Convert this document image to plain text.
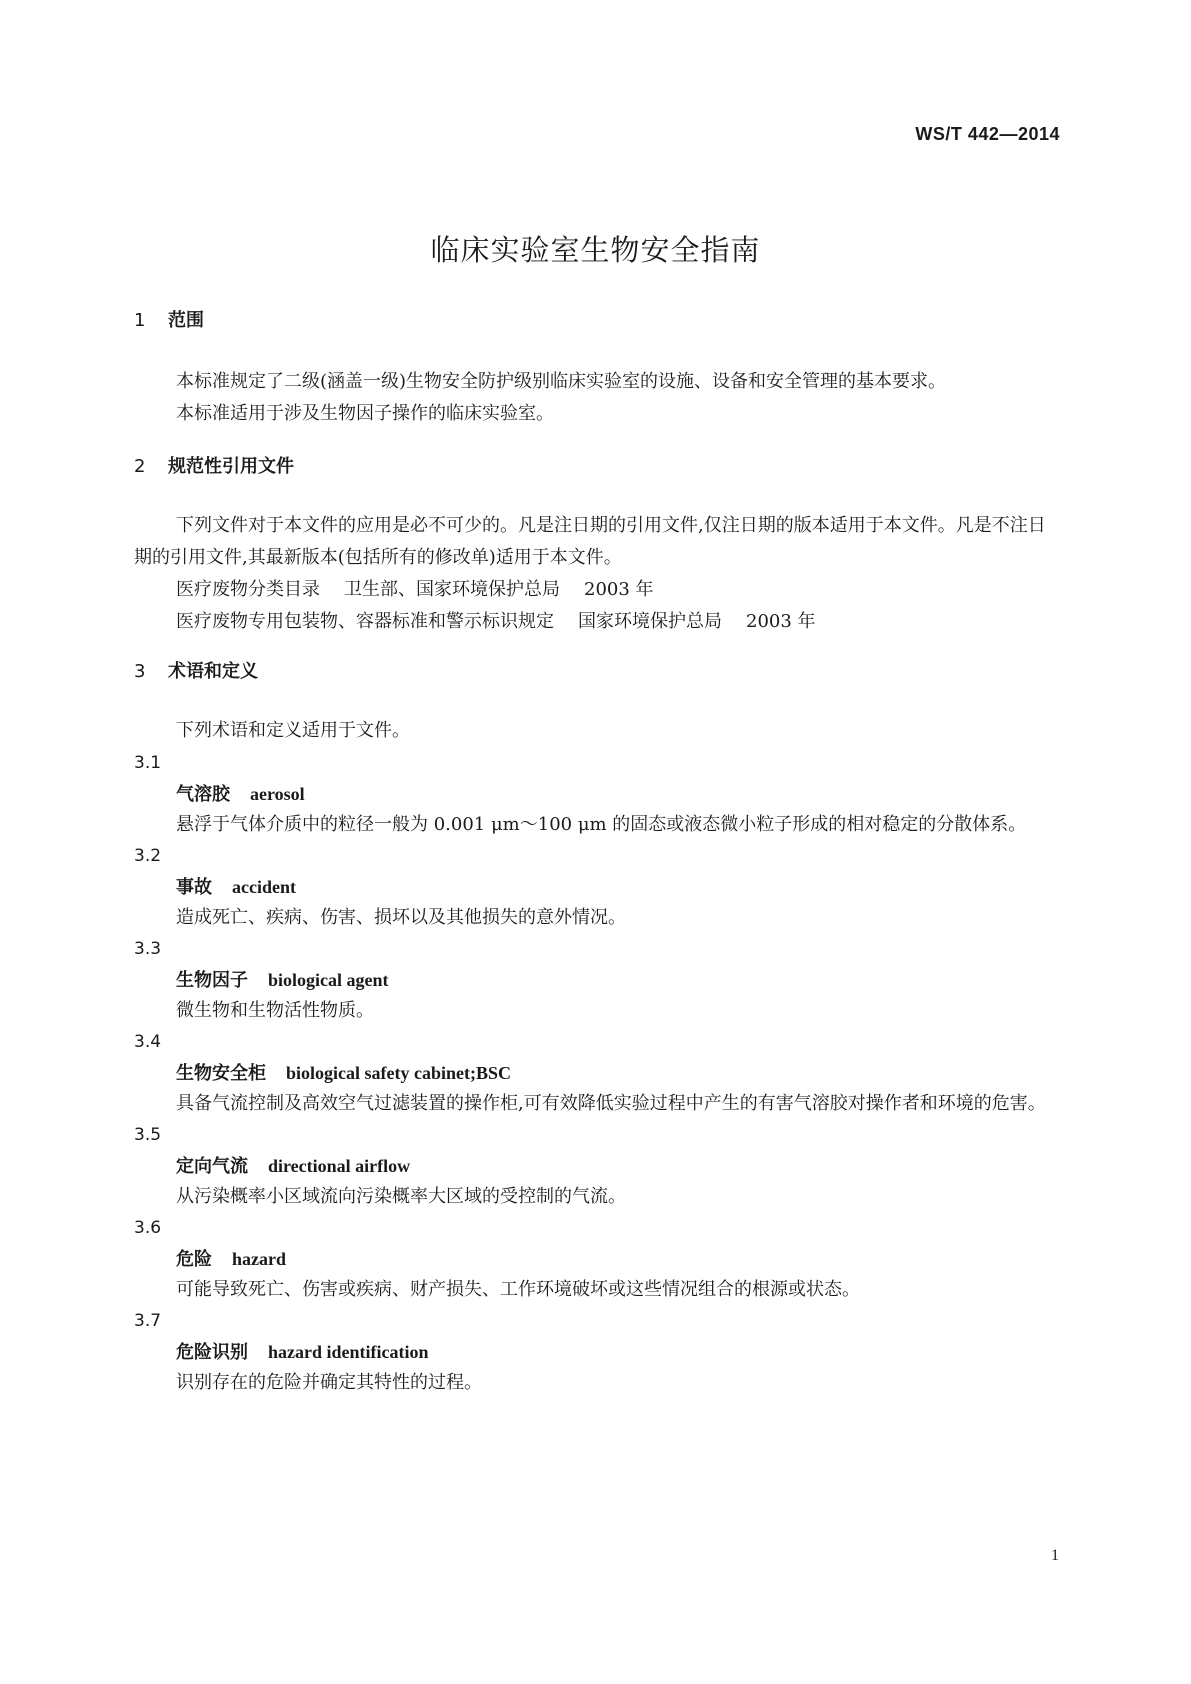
WS/T 442—2014
临床实验室生物安全指南
1 范围

本标准规定了二级(涵盖一级)生物安全防护级别临床实验室的设施、设备和安全管理的基本要求。

本标准适用于涉及生物因子操作的临床实验室。

2 规范性引用文件

下列文件对于本文件的应用是必不可少的。凡是注日期的引用文件,仅注日期的版本适用于本文件。凡是不注日期的引用文件,其最新版本(包括所有的修改单)适用于本文件。

医疗废物分类目录 卫生部、国家环境保护总局 2003 年
医疗废物专用包装物、容器标准和警示标识规定 国家环境保护总局 2003 年
3 术语和定义

下列术语和定义适用于文件。

3.1
气溶胶 aerosol

悬浮于气体介质中的粒径一般为 0.001 μm～100 μm 的固态或液态微小粒子形成的相对稳定的分散体系。

3.2
事故 accident

造成死亡、疾病、伤害、损坏以及其他损失的意外情况。

3.3
生物因子 biological agent

微生物和生物活性物质。

3.4
生物安全柜 biological safety cabinet;BSC

具备气流控制及高效空气过滤装置的操作柜,可有效降低实验过程中产生的有害气溶胶对操作者和环境的危害。

3.5
定向气流 directional airflow

从污染概率小区域流向污染概率大区域的受控制的气流。

3.6
危险 hazard

可能导致死亡、伤害或疾病、财产损失、工作环境破坏或这些情况组合的根源或状态。

3.7
危险识别 hazard identification

识别存在的危险并确定其特性的过程。

1
